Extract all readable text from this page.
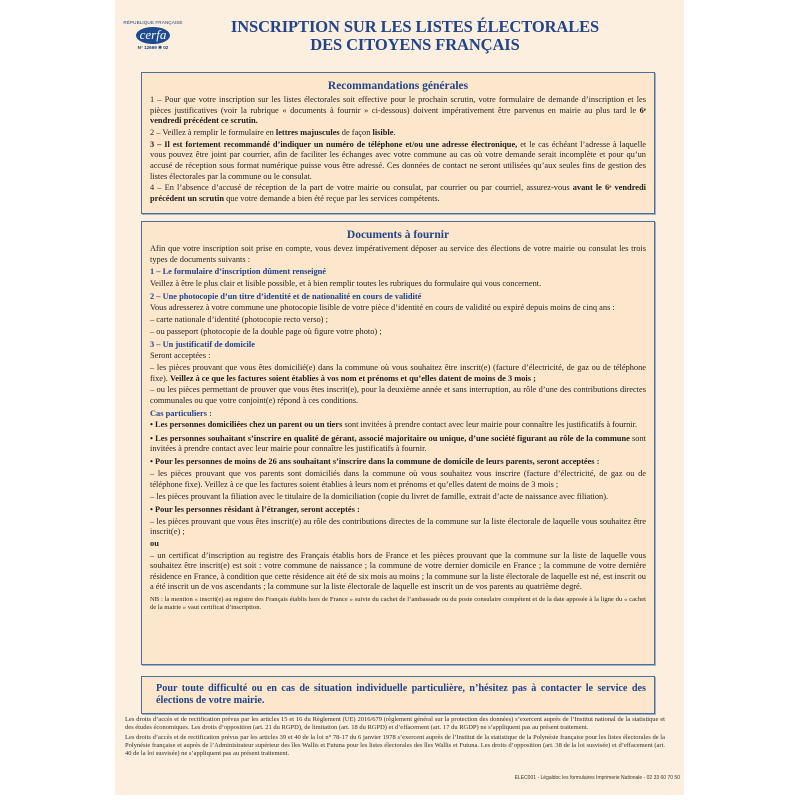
RÉPUBLIQUE FRANÇAISE
cerfa
N° 12669 ✱ 02
INSCRIPTION SUR LES LISTES ÉLECTORALES
DES CITOYENS FRANÇAIS
Recommandations générales

1 – Pour que votre inscription sur les listes électorales soit effective pour le prochain scrutin, votre formulaire de demande d’inscription et les pièces justificatives (voir la rubrique « documents à fournir » ci-dessous) doivent impérativement être parvenus en mairie au plus tard le 6ᵉ vendredi précédent ce scrutin.

2 – Veillez à remplir le formulaire en lettres majuscules de façon lisible.

3 – Il est fortement recommandé d’indiquer un numéro de téléphone et/ou une adresse électronique, et le cas échéant l’adresse à laquelle vous pouvez être joint par courrier, afin de faciliter les échanges avec votre commune au cas où votre demande serait incomplète et pour qu’un accusé de réception sous format numérique puisse vous être adressé. Ces données de contact ne seront utilisées qu’aux seules fins de gestion des listes électorales par la commune ou le consulat.

4 – En l’absence d’accusé de réception de la part de votre mairie ou consulat, par courrier ou par courriel, assurez-vous avant le 6ᵉ vendredi précédent un scrutin que votre demande a bien été reçue par les services compétents.

Documents à fournir

Afin que votre inscription soit prise en compte, vous devez impérativement déposer au service des élections de votre mairie ou consulat les trois types de documents suivants :

1 – Le formulaire d’inscription dûment renseigné

Veillez à être le plus clair et lisible possible, et à bien remplir toutes les rubriques du formulaire qui vous concernent.

2 – Une photocopie d’un titre d’identité et de nationalité en cours de validité

Vous adresserez à votre commune une photocopie lisible de votre pièce d’identité en cours de validité ou expiré depuis moins de cinq ans :

– carte nationale d’identité (photocopie recto verso) ;

– ou passeport (photocopie de la double page où figure votre photo) ;

3 – Un justificatif de domicile

Seront acceptées :

– les pièces prouvant que vous êtes domicilié(e) dans la commune où vous souhaitez être inscrit(e) (facture d’électricité, de gaz ou de téléphone fixe). Veillez à ce que les factures soient établies à vos nom et prénoms et qu’elles datent de moins de 3 mois ;

– ou les pièces permettant de prouver que vous êtes inscrit(e), pour la deuxième année et sans interruption, au rôle d’une des contributions directes communales ou que votre conjoint(e) répond à ces conditions.

Cas particuliers :

• Les personnes domiciliées chez un parent ou un tiers sont invitées à prendre contact avec leur mairie pour connaître les justificatifs à fournir.

• Les personnes souhaitant s’inscrire en qualité de gérant, associé majoritaire ou unique, d’une société figurant au rôle de la commune sont invitées à prendre contact avec leur mairie pour connaître les justificatifs à fournir.

• Pour les personnes de moins de 26 ans souhaitant s’inscrire dans la commune de domicile de leurs parents, seront acceptées :

– les pièces prouvant que vos parents sont domiciliés dans la commune où vous souhaitez vous inscrire (facture d’électricité, de gaz ou de téléphone fixe). Veillez à ce que les factures soient établies à leurs nom et prénoms et qu’elles datent de moins de 3 mois ;

– les pièces prouvant la filiation avec le titulaire de la domiciliation (copie du livret de famille, extrait d’acte de naissance avec filiation).

• Pour les personnes résidant à l’étranger, seront acceptés :

– les pièces prouvant que vous êtes inscrit(e) au rôle des contributions directes de la commune sur la liste électorale de laquelle vous souhaitez être inscrit(e) ;

ou

– un certificat d’inscription au registre des Français établis hors de France et les pièces prouvant que la commune sur la liste de laquelle vous souhaitez être inscrit(e) est soit : votre commune de naissance ; la commune de votre dernier domicile en France ; la commune de votre dernière résidence en France, à condition que cette résidence ait été de six mois au moins ; la commune sur la liste électorale de laquelle est né, est inscrit ou a été inscrit un de vos ascendants ; la commune sur la liste électorale de laquelle est inscrit un de vos parents au quatrième degré.

NB : la mention « inscrit(e) au registre des Français établis hors de France » suivie du cachet de l’ambassade ou du poste consulaire compétent et de la date apposée à la ligne du « cachet de la mairie » vaut certificat d’inscription.

Pour toute difficulté ou en cas de situation individuelle particulière, n’hésitez pas à contacter le service des élections de votre mairie.

Les droits d’accès et de rectification prévus par les articles 15 et 16 du Règlement (UE) 2016/679 (règlement général sur la protection des données) s’exercent auprès de l’Institut national de la statistique et des études économiques. Les droits d’opposition (art. 21 du RGPD), de limitation (art. 18 du RGPD) et d’effacement (art. 17 du RGDP) ne s’appliquent pas au présent traitement.

Les droits d’accès et de rectification prévus par les articles 39 et 40 de la loi n° 78-17 du 6 janvier 1978 s’exercent auprès de l’Institut de la statistique de la Polynésie française pour les listes électorales de la Polynésie française et auprès de l’Administrateur supérieur des îles Wallis et Futuna pour les listes électorales des îles Wallis et Futuna. Les droits d’opposition (art. 38 de la loi susvisée) et d’effacement (art. 40 de la loi susvisée) ne s’appliquent pas au présent traitement.

ELEC001 - Légaldoc les formulaires Imprimerie Nationale - 02 33 60 70 50
